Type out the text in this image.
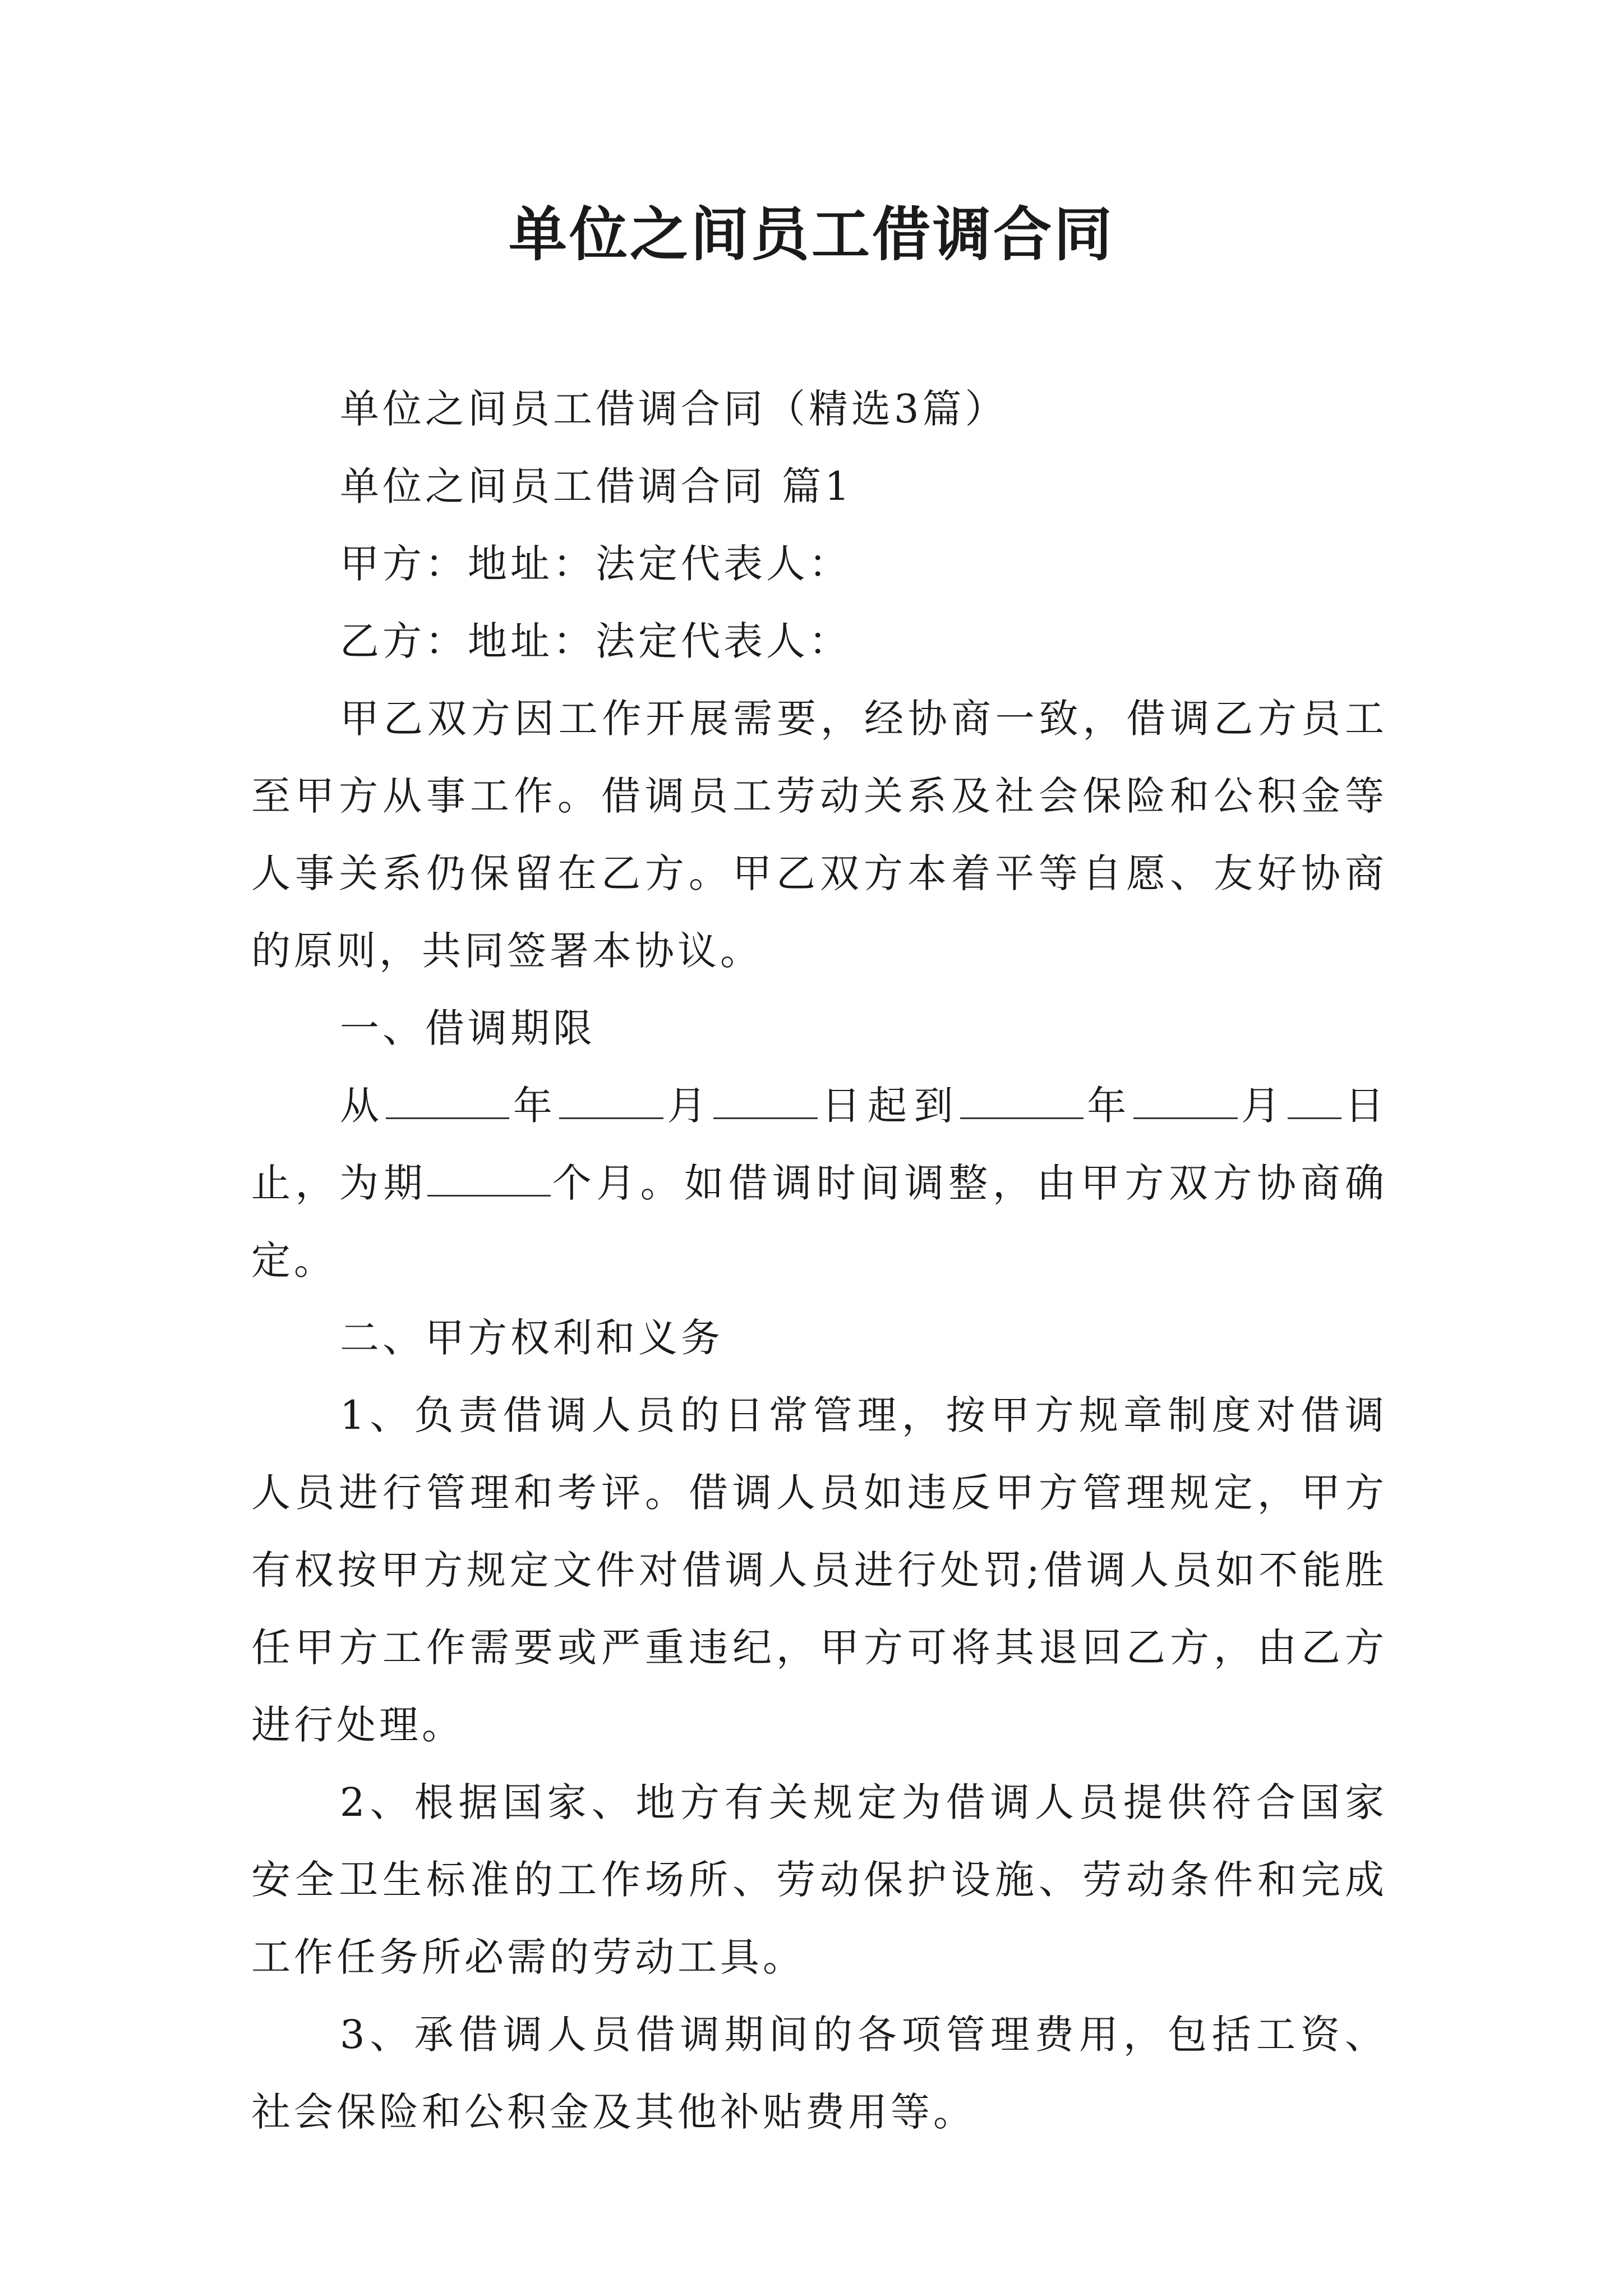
单位之间员工借调合同

单位之间员工借调合同（精选3篇）

单位之间员工借调合同 篇1

甲方：地址：法定代表人：

乙方：地址：法定代表人：

甲乙双方因工作开展需要，经协商一致，借调乙方员工至甲方从事工作。借调员工劳动关系及社会保险和公积金等人事关系仍保留在乙方。甲乙双方本着平等自愿、友好协商的原则，共同签署本协议。

一、借调期限

从	年	月	日起到	年	月 日止，为期	个月。如借调时间调整，由甲方双方协商确定。

二、甲方权利和义务

1、负责借调人员的日常管理，按甲方规章制度对借调人员进行管理和考评。借调人员如违反甲方管理规定，甲方有权按甲方规定文件对借调人员进行处罚;借调人员如不能胜任甲方工作需要或严重违纪，甲方可将其退回乙方，由乙方进行处理。

2、根据国家、地方有关规定为借调人员提供符合国家安全卫生标准的工作场所、劳动保护设施、劳动条件和完成工作任务所必需的劳动工具。

3、承借调人员借调期间的各项管理费用，包括工资、社会保险和公积金及其他补贴费用等。
